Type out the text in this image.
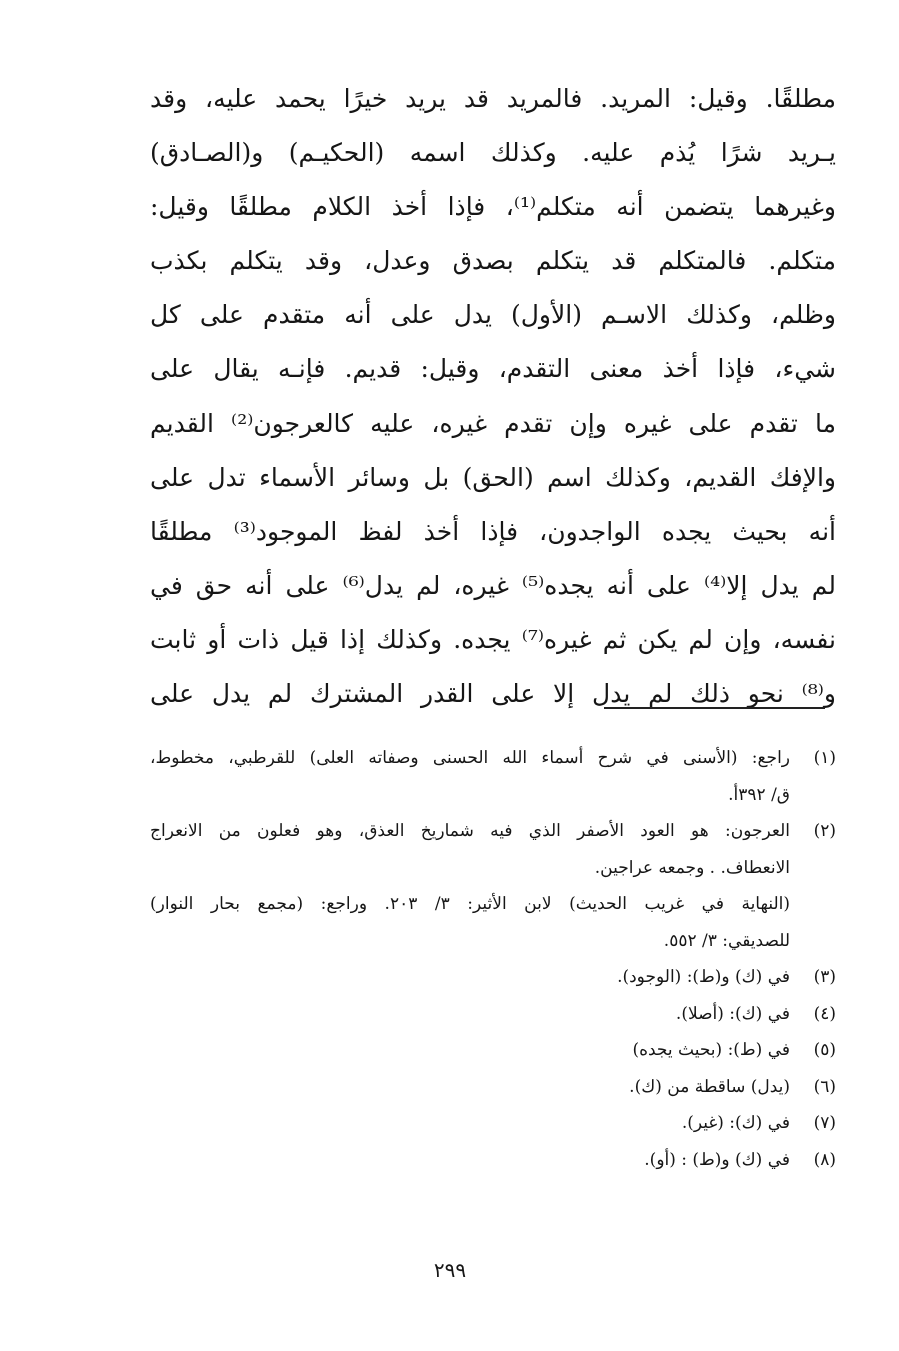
مطلقًا. وقيل: المريد. فالمريد قد يريد خيرًا يحمد عليه، وقد
يـريد شرًا يُذم عليه. وكذلك اسمه (الحكيـم) و(الصـادق)
وغيرهما يتضمن أنه متكلم⁽¹⁾، فإذا أخذ الكلام مطلقًا وقيل:
متكلم. فالمتكلم قد يتكلم بصدق وعدل، وقد يتكلم بكذب
وظلم، وكذلك الاسـم (الأول) يدل على أنه متقدم على كل
شيء، فإذا أخذ معنى التقدم، وقيل: قديم. فإنـه يقال على
ما تقدم على غيره وإن تقدم غيره، عليه كالعرجون⁽²⁾ القديم
والإفك القديم، وكذلك اسم (الحق) بل وسائر الأسماء تدل على
أنه بحيث يجده الواجدون، فإذا أخذ لفظ الموجود⁽³⁾ مطلقًا
لم يدل إلا⁽⁴⁾ على أنه يجده⁽⁵⁾ غيره، لم يدل⁽⁶⁾ على أنه حق في
نفسه، وإن لم يكن ثم غيره⁽⁷⁾ يجده. وكذلك إذا قيل ذات أو ثابت
و⁽⁸⁾ نحو ذلك لم يدل إلا على القدر المشترك لم يدل على
(١)
راجع: (الأسنى في شرح أسماء الله الحسنى وصفاته العلى) للقرطبي، مخطوط،
ق/ ٣٩٢أ.
(٢)
العرجون: هو العود الأصفر الذي فيه شماريخ العذق، وهو فعلون من الانعراج
الانعطاف. . وجمعه عراجين.
(النهاية في غريب الحديث) لابن الأثير: ٣/ ٢٠٣. وراجع: (مجمع بحار النوار)
للصديقي: ٣/ ٥٥٢.
(٣)
في (ك) و(ط): (الوجود).
(٤)
في (ك): (أصلا).
(٥)
في (ط): (بحيث يجده)
(٦)
(يدل) ساقطة من (ك).
(٧)
في (ك): (غير).
(٨)
في (ك) و(ط) : (أو).
٢٩٩
